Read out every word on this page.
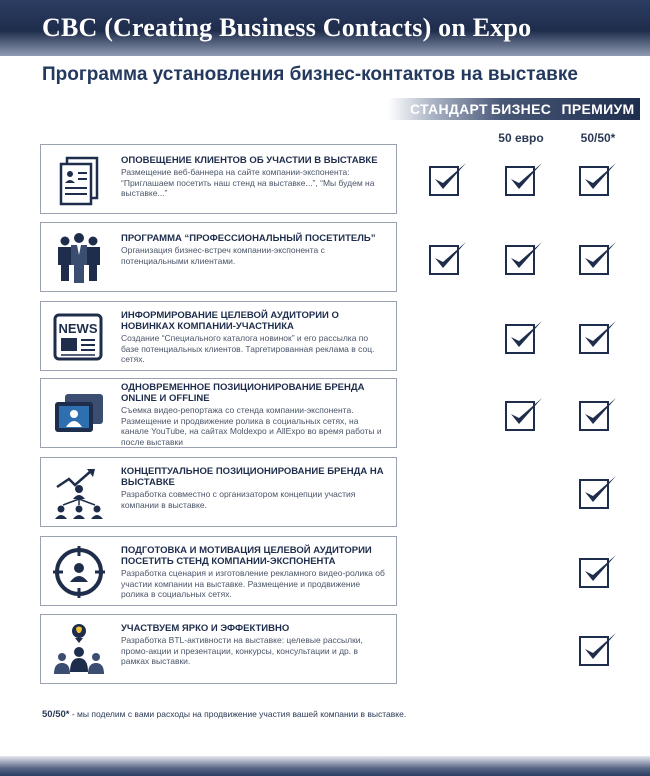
CBC (Creating Business Contacts) on Expo
Программа установления бизнес-контактов на выставке
СТАНДАРТ БИЗНЕС ПРЕМИУМ
50 евро	50/50*
ОПОВЕЩЕНИЕ КЛИЕНТОВ ОБ УЧАСТИИ В ВЫСТАВКЕ
Размещение веб-баннера на сайте компании-экспонента: “Приглашаем посетить наш стенд на выставке...”, “Мы будем на выставке...”
ПРОГРАММА “ПРОФЕССИОНАЛЬНЫЙ ПОСЕТИТЕЛЬ”
Организация бизнес-встреч компании-экспонента с потенциальными клиентами.
NEWS
ИНФОРМИРОВАНИЕ ЦЕЛЕВОЙ АУДИТОРИИ О НОВИНКАХ КОМПАНИИ-УЧАСТНИКА
Создание “Специального каталога новинок” и его рассылка по базе потенциальных клиентов. Таргетированная реклама в соц. сетях.
ОДНОВРЕМЕННОЕ ПОЗИЦИОНИРОВАНИЕ БРЕНДА ONLINE И OFFLINE
Съемка видео-репортажа со стенда компании-экспонента. Размещение и продвижение ролика в социальных сетях, на канале YouTube, на сайтах Moldexpo и AllExpo во время работы и после выставки
КОНЦЕПТУАЛЬНОЕ ПОЗИЦИОНИРОВАНИЕ БРЕНДА НА ВЫСТАВКЕ
Разработка совместно с организатором концепции участия компании в выставке.
ПОДГОТОВКА И МОТИВАЦИЯ ЦЕЛЕВОЙ АУДИТОРИИ ПОСЕТИТЬ СТЕНД КОМПАНИИ-ЭКСПОНЕНТА
Разработка сценария и изготовление рекламного видео-ролика об участии компании на выставке. Размещение и продвижение ролика в социальных сетях.
УЧАСТВУЕМ ЯРКО И ЭФФЕКТИВНО
Разработка BTL-активности на выставке: целевые рассылки, промо-акции и презентации, конкурсы, консультации и др. в рамках выставки.
50/50* - мы поделим с вами расходы на продвижение участия вашей компании в выставке.
